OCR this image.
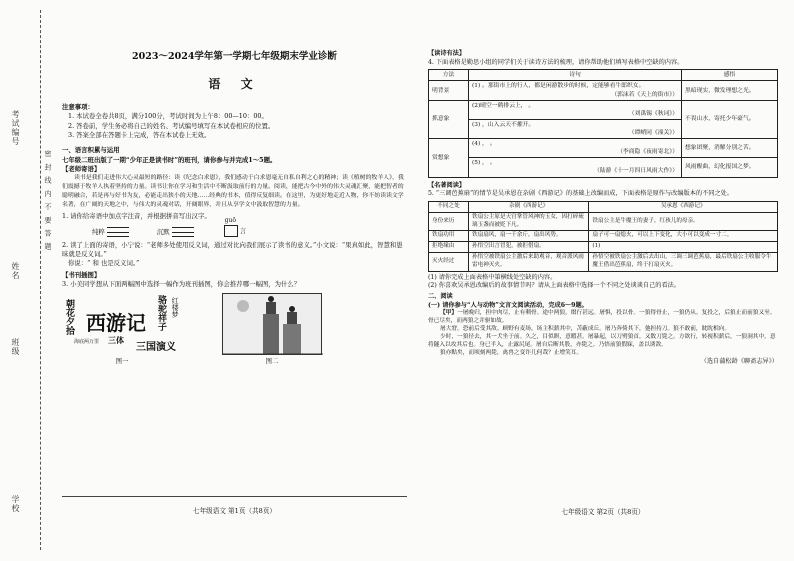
考试编号
姓名
班级
学校
密 封 线 内 不 要 答 题
2023～2024学年第一学期七年级期末学业诊断
语 文
注意事项：
1. 本试卷全卷共8页，满分100分，考试时间为上午8：00—10：00。
2. 答卷前，学生务必将自己的姓名、考试编号填写在本试卷相应的位置。
3. 答案全部在答题卡上完成，答在本试卷上无效。
一、语言积累与运用
七年级二班出版了一期“少年正是读书时”的班刊，请你参与并完成1～5题。
【老师寄语】
读书是我们走进伟大心灵最短的路径：读《纪念白求恩》，我们感动于白求恩毫无自私自利之心的精神；读《植树的牧羊人》，我们震撼于牧羊人执着坚持的力量。读书让你在学习和生活中不断汲取前行的力量。阅读，能把古今中外的伟大灵魂汇聚，能把智者的聪明融合，若是再与好书为友，必能走出狭小的天地……经典的书本，值得反复细读。在这里，为更好地走近人物，你不妨读读文学名著，在广阔的天地之中，与伟大的灵魂对话，开阔眼界，并且从享学文中汲取智慧的力量。
1. 请你给寄语中加点字注音，并根据拼音写出汉字。
纯粹	沉默
guō
言
2. 读了上面的寄语，小宁说：“老师多处使用反义词，通过对比向我们展示了读书的意义。”小文说：“果真如此，智慧和愚昧就是反义词。”
你说：“ 和 也是反义词。”
【书刊插图】
3. 小美同学想从下面两幅图中选择一幅作为班刊插图，你会推荐哪一幅图，为什么？
西游记
朝花夕拾
三体
三国演义
骆驼祥子 红楼梦
海底两万里
图一	图二
七年级语文 第1页（共8页）
【读诗有法】
4. 下面表格是勤思小组的同学们关于读诗方法的梳理，请你帮助他们填写表格中空缺的内容。
方法	诗句	感悟
明背景	(1) 。那街市上的行人，都是闲游散步的时候，定能够看牛郎织女。
（郭沫若《天上的街市》）	黑暗现实，微发理想之光。
抓意象	(2)晴空一鹤排云上， 。
（刘禹锡《秋词》）	不畏山水，寄托少年豪气。

	(3) ，山入云天不摧开。
（谭峭同《潼关》）	

赏想象	(4) ， 。
（李商隐《夜雨寄北》）	想象团聚，消解分别之苦。

	(5) ， 。
（陆游《十一月四日风雨大作》）	风雨醒曲，幻化报国之梦。
【名著阅读】
5. “三调芭蕉扇”的情节是吴承恩在杂剧《西游记》的基础上改编而成，下面表格是原作与改编版本的不同之处。
不同之处	杂剧《西游记》	吴承恩《西游记》
身份来历	铁扇公主原是天宫掌管风神的玉女，因打碎琉璃玉盏而被贬下凡。	铁扇公主是牛魔王的妻子，红孩儿的母亲。
铁扇功用	铁扇扇风，扇一千余斤，扇出风势。	扇子可一扇熄火，可以上下变化，大小可以变成一寸二。
拒绝缘由	孙悟空出言冒犯，被拒借扇。	(1)
灭火经过	孙悟空被铁扇公主激后来助观音，观音派风雨雷电神灭火。	孙悟空被铁扇公主激后去出山，三调三调芭蕉扇，最后铁扇公主收服令牛魔王借出芭蕉扇，终于打扇灭火。
(1) 请你完成上面表格中第横线处空缺的内容。
(2) 你喜欢吴承恩改编后的故事情节吗？请从上面表格中选择一个不同之处谈谈自己的看法。
二、阅读
(一) 请你参与“人与动物”文言文阅读活动，完成6～9题。
【甲】一屠晚归，担中肉尽，止有剩骨。途中两狼，缀行甚远。屠惧，投以骨。一狼得骨止，一狼仍从。复投之，后狼止而前狼又至。骨已尽矣，而两狼之并驱如故。
屠大窘，恐前后受其敌。顾野有麦场，场主积薪其中，苫蔽成丘。屠乃奔倚其下，弛担持刀。狼不敢前，眈眈相向。
少时，一狼径去，其一犬坐于前。久之，目似瞑，意暇甚。屠暴起，以刀劈狼首，又数刀毙之。方欲行，转视积薪后，一狼洞其中，意将隧入以攻其后也。身已半入，止露尻尾。屠自后断其股，亦毙之。乃悟前狼假寐，盖以诱敌。
狼亦黠矣，而顷刻两毙，禽兽之变诈几何哉？止增笑耳。
（选自蒲松龄《聊斋志异》）
七年级语文 第2页（共8页）
